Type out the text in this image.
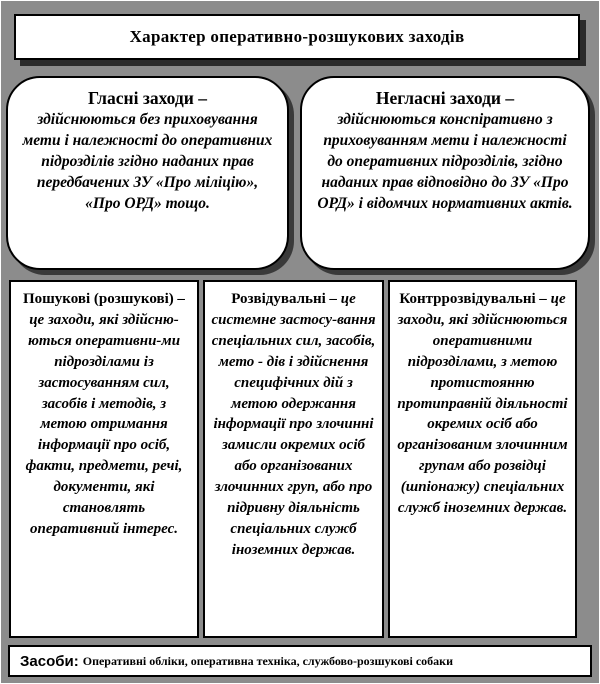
Характер оперативно-розшукових заходів
Гласні заходи –
здійснюються без приховування мети і належності до оперативних підрозділів згідно наданих прав передбачених ЗУ «Про міліцію», «Про ОРД» тощо.
Негласні заходи –
здійснюються конспіративно з приховуванням мети і належності до оперативних підрозділів, згідно наданих прав відповідно до ЗУ «Про ОРД» і відомчих нормативних актів.
Пошукові (розшукові) – це заходи, які здійсню-ються оперативни-ми підрозділами із застосуванням сил, засобів і методів, з метою отримання інформації про осіб, факти, предмети, речі, документи, які становлять оперативний інтерес.
Розвідувальні – це системне застосу-вання спеціальних сил, засобів, мето - дів і здійснення специфічних дій з метою одержання інформації про злочинні замисли окремих осіб або організованих злочинних груп, або про підривну діяльність спеціальних служб іноземних держав.
Контррозвідувальні – це заходи, які здійснюються оперативними підрозділами, з метою протистоянню протиправній діяльності окремих осіб або організованим злочинним групам або розвідці (шпіонажу) спеціальних служб іноземних держав.
Засоби: Оперативні обліки, оперативна техніка, службово-розшукові собаки
